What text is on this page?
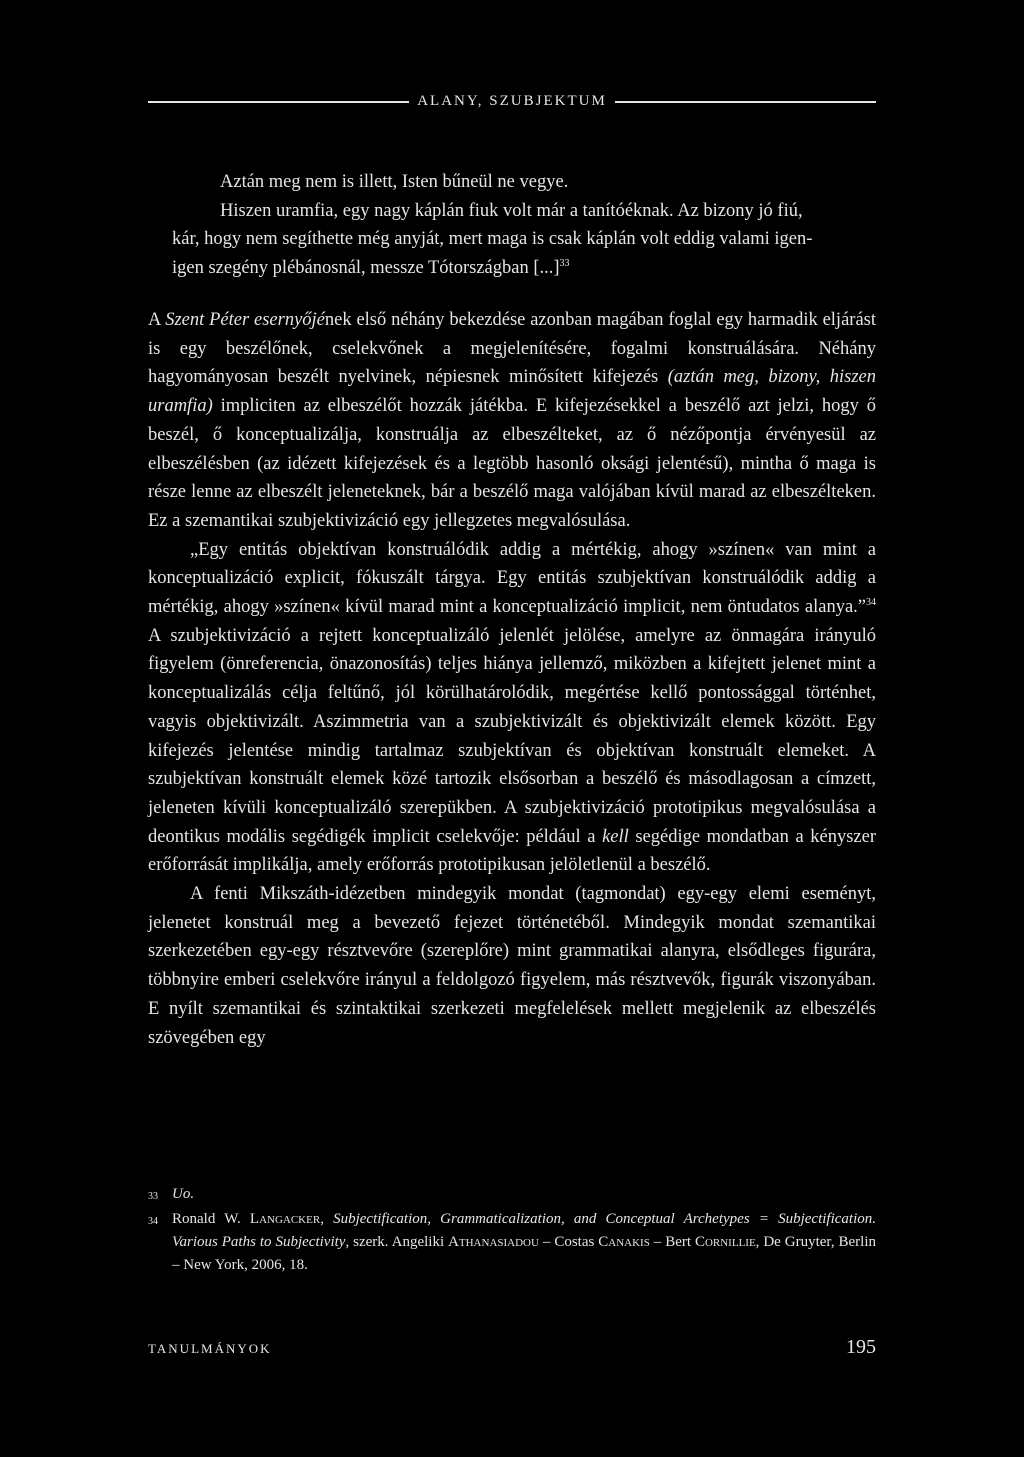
ALANY, SZUBJEKTUM

Aztán meg nem is illett, Isten bűneül ne vegye.

Hiszen uramfia, egy nagy káplán fiuk volt már a tanítóéknak. Az bizony jó fiú, kár, hogy nem segíthette még anyját, mert maga is csak káplán volt eddig valami igen-igen szegény plébánosnál, messze Tótországban [...]$^{33}$

A Szent Péter esernyőjének első néhány bekezdése azonban magában foglal egy harmadik eljárást is egy beszélőnek, cselekvőnek a megjelenítésére, fogalmi konstruálására. Néhány hagyományosan beszélt nyelvinek, népiesnek minősített kifejezés (aztán meg, bizony, hiszen uramfia) impliciten az elbeszélőt hozzák játékba. E kifejezésekkel a beszélő azt jelzi, hogy ő beszél, ő konceptualizálja, konstruálja az elbeszélteket, az ő nézőpontja érvényesül az elbeszélésben (az idézett kifejezések és a legtöbb hasonló oksági jelentésű), mintha ő maga is része lenne az elbeszélt jeleneteknek, bár a beszélő maga valójában kívül marad az elbeszélteken. Ez a szemantikai szubjektivizáció egy jellegzetes megvalósulása.

„Egy entitás objektívan konstruálódik addig a mértékig, ahogy »színen« van mint a konceptualizáció explicit, fókuszált tárgya. Egy entitás szubjektívan konstruálódik addig a mértékig, ahogy »színen« kívül marad mint a konceptualizáció implicit, nem öntudatos alanya.”$^{34}$ A szubjektivizáció a rejtett konceptualizáló jelenlét jelölése, amelyre az önmagára irányuló figyelem (önreferencia, önazonosítás) teljes hiánya jellemző, miközben a kifejtett jelenet mint a konceptualizálás célja feltűnő, jól körülhatárolódik, megértése kellő pontossággal történhet, vagyis objektivizált. Aszimmetria van a szubjektivizált és objektivizált elemek között. Egy kifejezés jelentése mindig tartalmaz szubjektívan és objektívan konstruált elemeket. A szubjektívan konstruált elemek közé tartozik elsősorban a beszélő és másodlagosan a címzett, jeleneten kívüli konceptualizáló szerepükben. A szubjektivizáció prototipikus megvalósulása a deontikus modális segédigék implicit cselekvője: például a kell segédige mondatban a kényszer erőforrását implikálja, amely erőforrás prototipikusan jelöletlenül a beszélő.

A fenti Mikszáth-idézetben mindegyik mondat (tagmondat) egy-egy elemi eseményt, jelenetet konstruál meg a bevezető fejezet történetéből. Mindegyik mondat szemantikai szerkezetében egy-egy résztvevőre (szereplőre) mint grammatikai alanyra, elsődleges figurára, többnyire emberi cselekvőre irányul a feldolgozó figyelem, más résztvevők, figurák viszonyában. E nyílt szemantikai és szintaktikai szerkezeti megfelelések mellett megjelenik az elbeszélés szövegében egy

33 Uo.
34 Ronald W. Langacker, Subjectification, Grammaticalization, and Conceptual Archetypes = Subjectification. Various Paths to Subjectivity, szerk. Angeliki Athanasiadou – Costas Canakis – Bert Cornillie, De Gruyter, Berlin – New York, 2006, 18.
TANULMÁNYOK	195
